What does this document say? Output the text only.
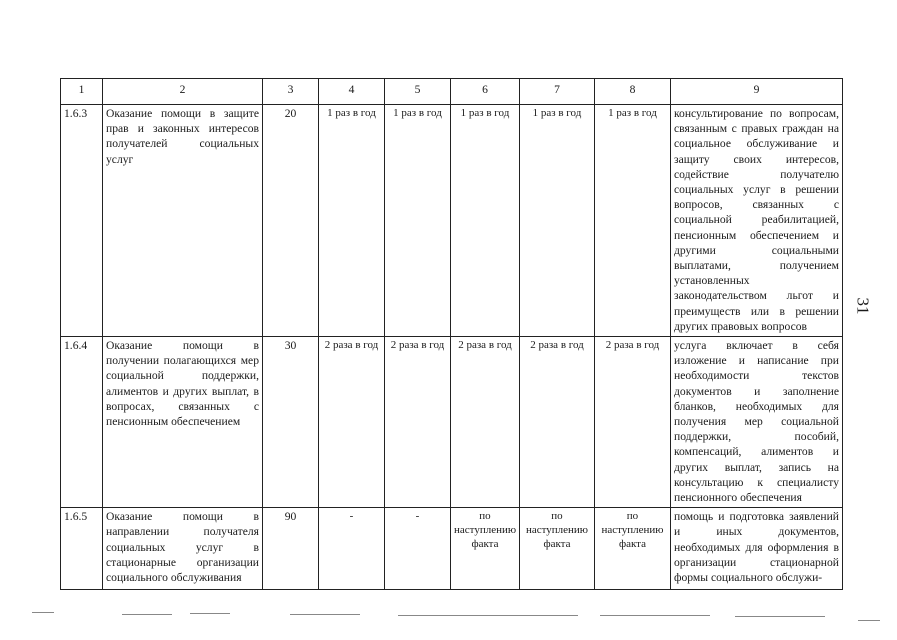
1	2	3	4	5	6	7	8	9
1.6.3	Оказание помощи в защите прав и законных интересов получателей социальных услуг	20	1 раз в год	1 раз в год	1 раз в год	1 раз в год	1 раз в год	консультирование по вопросам, связанным с правых граждан на социальное обслуживание и защиту своих интересов, содействие получателю социальных услуг в решении вопросов, связанных с социальной реабилитацией, пенсионным обеспечением и другими социальными выплатами, получением установленных законодательством льгот и преимуществ или в решении других правовых вопросов
1.6.4	Оказание помощи в получении полагающихся мер социальной поддержки, алиментов и других выплат, в вопросах, связанных с пенсионным обеспечением	30	2 раза в год	2 раза в год	2 раза в год	2 раза в год	2 раза в год	услуга включает в себя изложение и написание при необходимости текстов документов и заполнение бланков, необходимых для получения мер социальной поддержки, пособий, компенсаций, алиментов и других выплат, запись на консультацию к специалисту пенсионного обеспечения
1.6.5	Оказание помощи в направлении получателя социальных услуг в стационарные организации социального обслуживания	90	-	-	по наступлению факта	по наступлению факта	по наступлению факта	помощь и подготовка заявлений и иных документов, необходимых для оформления в организации стационарной формы социального обслужи-
31
